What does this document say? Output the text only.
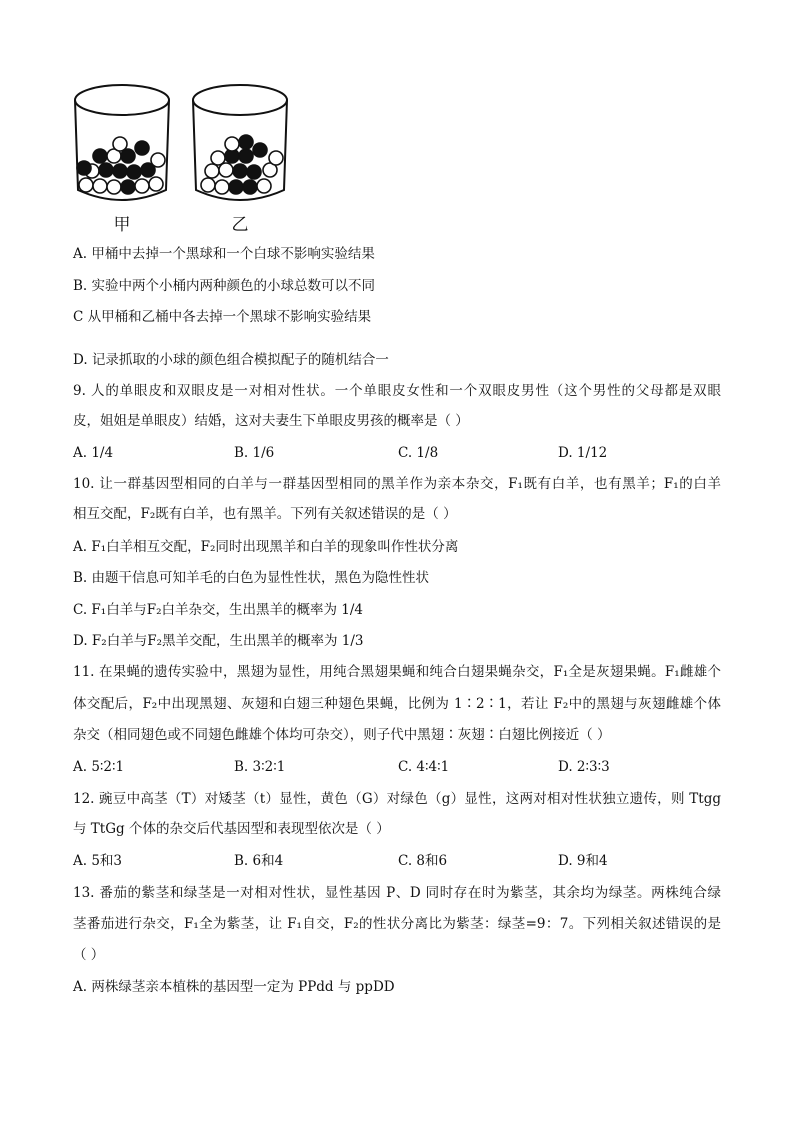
甲	乙
A. 甲桶中去掉一个黑球和一个白球不影响实验结果
B. 实验中两个小桶内两种颜色的小球总数可以不同
C 从甲桶和乙桶中各去掉一个黑球不影响实验结果
D. 记录抓取的小球的颜色组合模拟配子的随机结合一
9. 人的单眼皮和双眼皮是一对相对性状。一个单眼皮女性和一个双眼皮男性（这个男性的父母都是双眼
皮，姐姐是单眼皮）结婚，这对夫妻生下单眼皮男孩的概率是（ ）
A. 1/4	B. 1/6	C. 1/8	D. 1/12
10. 让一群基因型相同的白羊与一群基因型相同的黑羊作为亲本杂交，F₁既有白羊，也有黑羊；F₁的白羊
相互交配，F₂既有白羊，也有黑羊。下列有关叙述错误的是（ ）
A. F₁白羊相互交配，F₂同时出现黑羊和白羊的现象叫作性状分离
B. 由题干信息可知羊毛的白色为显性性状，黑色为隐性性状
C. F₁白羊与F₂白羊杂交，生出黑羊的概率为 1/4
D. F₂白羊与F₂黑羊交配，生出黑羊的概率为 1/3
11. 在果蝇的遗传实验中，黑翅为显性，用纯合黑翅果蝇和纯合白翅果蝇杂交，F₁全是灰翅果蝇。F₁雌雄个
体交配后，F₂中出现黑翅、灰翅和白翅三种翅色果蝇，比例为 1∶2∶1，若让 F₂中的黑翅与灰翅雌雄个体
杂交（相同翅色或不同翅色雌雄个体均可杂交），则子代中黑翅∶灰翅∶白翅比例接近（ ）
A. 5∶2∶1	B. 3∶2∶1	C. 4∶4∶1	D. 2∶3∶3
12. 豌豆中高茎（T）对矮茎（t）显性，黄色（G）对绿色（g）显性，这两对相对性状独立遗传，则 Ttgg
与 TtGg 个体的杂交后代基因型和表现型依次是（ ）
A. 5和3	B. 6和4	C. 8和6	D. 9和4
13. 番茄的紫茎和绿茎是一对相对性状，显性基因 P、D 同时存在时为紫茎，其余均为绿茎。两株纯合绿
茎番茄进行杂交，F₁全为紫茎，让 F₁自交，F₂的性状分离比为紫茎：绿茎=9：7。下列相关叙述错误的是
（ ）
A. 两株绿茎亲本植株的基因型一定为 PPdd 与 ppDD
